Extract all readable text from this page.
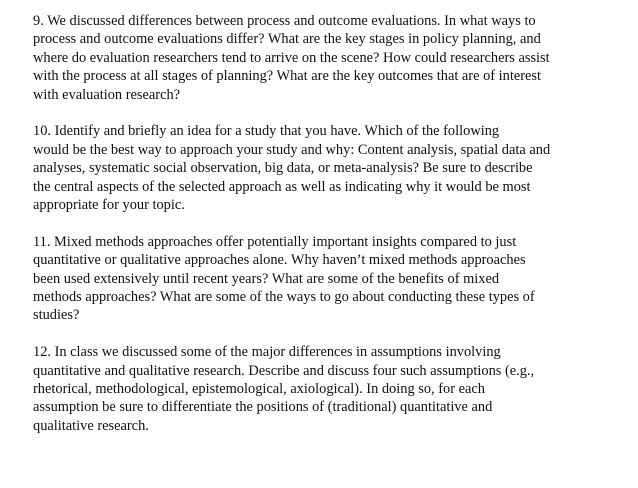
9. We discussed differences between process and outcome evaluations. In what ways to
process and outcome evaluations differ? What are the key stages in policy planning, and
where do evaluation researchers tend to arrive on the scene? How could researchers assist
with the process at all stages of planning? What are the key outcomes that are of interest
with evaluation research?

10. Identify and briefly an idea for a study that you have. Which of the following
would be the best way to approach your study and why: Content analysis, spatial data and
analyses, systematic social observation, big data, or meta-analysis? Be sure to describe
the central aspects of the selected approach as well as indicating why it would be most
appropriate for your topic.

11. Mixed methods approaches offer potentially important insights compared to just
quantitative or qualitative approaches alone. Why haven’t mixed methods approaches
been used extensively until recent years? What are some of the benefits of mixed
methods approaches? What are some of the ways to go about conducting these types of
studies?

12. In class we discussed some of the major differences in assumptions involving
quantitative and qualitative research. Describe and discuss four such assumptions (e.g.,
rhetorical, methodological, epistemological, axiological). In doing so, for each
assumption be sure to differentiate the positions of (traditional) quantitative and
qualitative research.
